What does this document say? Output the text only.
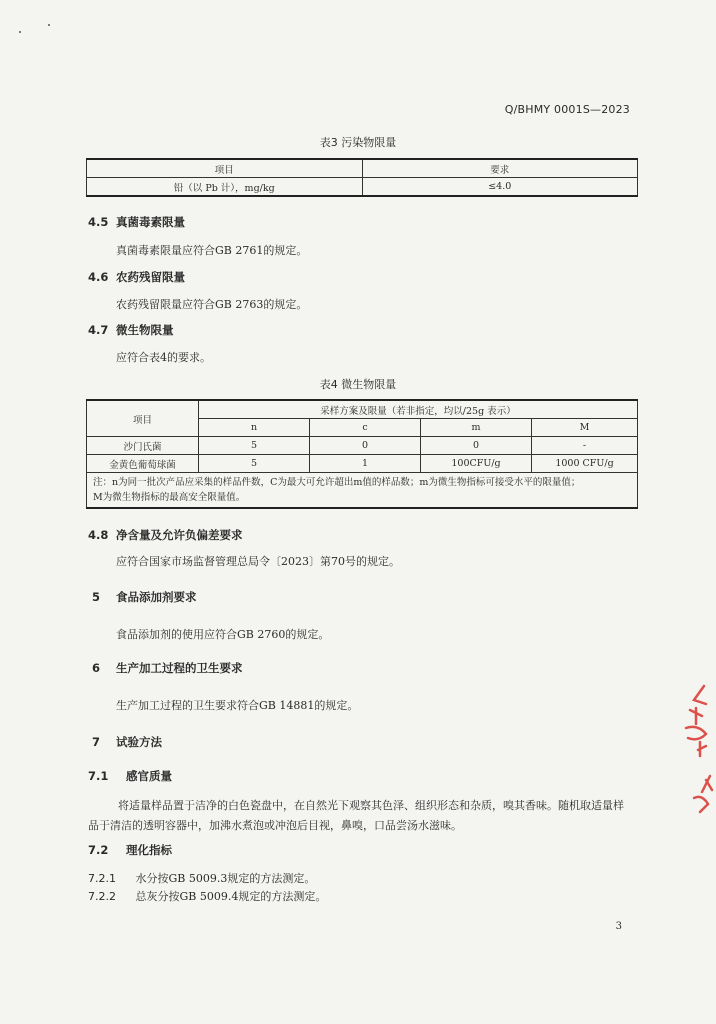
Q/BHMY 0001S—2023
表3 污染物限量
项目	要求
铅（以 Pb 计），mg/kg	≤4.0
4.5 真菌毒素限量
真菌毒素限量应符合GB 2761的规定。
4.6 农药残留限量
农药残留限量应符合GB 2763的规定。
4.7 微生物限量
应符合表4的要求。
表4 微生物限量
项目	采样方案及限量（若非指定，均以/25g 表示）			
	n	c	m	M
沙门氏菌	5	0	0	-
金黄色葡萄球菌	5	1	100CFU/g	1000 CFU/g

注：n为同一批次产品应采集的样品件数，C为最大可允许超出m值的样品数；m为微生物指标可接受水平的限量值；
M为微生物指标的最高安全限量值。				
4.8 净含量及允许负偏差要求
应符合国家市场监督管理总局令〔2023〕第70号的规定。
5 食品添加剂要求
食品添加剂的使用应符合GB 2760的规定。
6 生产加工过程的卫生要求
生产加工过程的卫生要求符合GB 14881的规定。
7 试验方法
7.1 感官质量
将适量样品置于洁净的白色瓷盘中，在自然光下观察其色泽、组织形态和杂质，嗅其香味。随机取适量样品于清洁的透明容器中，加沸水煮泡或冲泡后目视，鼻嗅，口品尝汤水滋味。
7.2 理化指标
7.2.1 水分按GB 5009.3规定的方法测定。
7.2.2 总灰分按GB 5009.4规定的方法测定。
3
